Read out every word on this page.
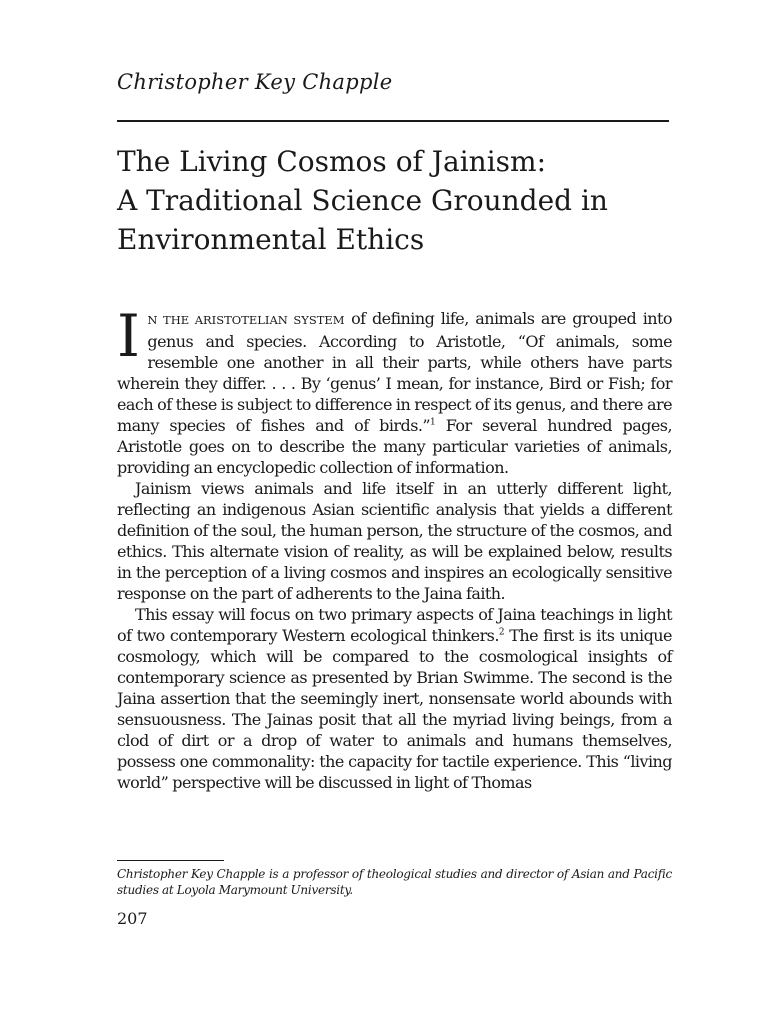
Christopher Key Chapple

The Living Cosmos of Jainism:
A Traditional Science Grounded in
Environmental Ethics

I N THE ARISTOTELIAN SYSTEM of defining life, animals are grouped into genus and species. According to Aristotle, “Of animals, some resemble one another in all their parts, while others have parts wherein they differ. . . . By ‘genus’ I mean, for instance, Bird or Fish; for each of these is subject to difference in respect of its genus, and there are many species of fishes and of birds.”$^1$ For several hundred pages, Aristotle goes on to describe the many particular varieties of animals, providing an encyclopedic collection of information.

Jainism views animals and life itself in an utterly different light, reflecting an indigenous Asian scientific analysis that yields a different definition of the soul, the human person, the structure of the cosmos, and ethics. This alternate vision of reality, as will be explained below, results in the perception of a living cosmos and inspires an ecologically sensitive response on the part of adherents to the Jaina faith.

This essay will focus on two primary aspects of Jaina teachings in light of two contemporary Western ecological thinkers.$^2$ The first is its unique cosmology, which will be compared to the cosmological insights of contemporary science as presented by Brian Swimme. The second is the Jaina assertion that the seemingly inert, nonsensate world abounds with sensuousness. The Jainas posit that all the myriad living beings, from a clod of dirt or a drop of water to animals and humans themselves, possess one commonality: the capacity for tactile experience. This “living world” perspective will be discussed in light of Thomas

Christopher Key Chapple is a professor of theological studies and director of Asian and Pacific studies at Loyola Marymount University.

207
